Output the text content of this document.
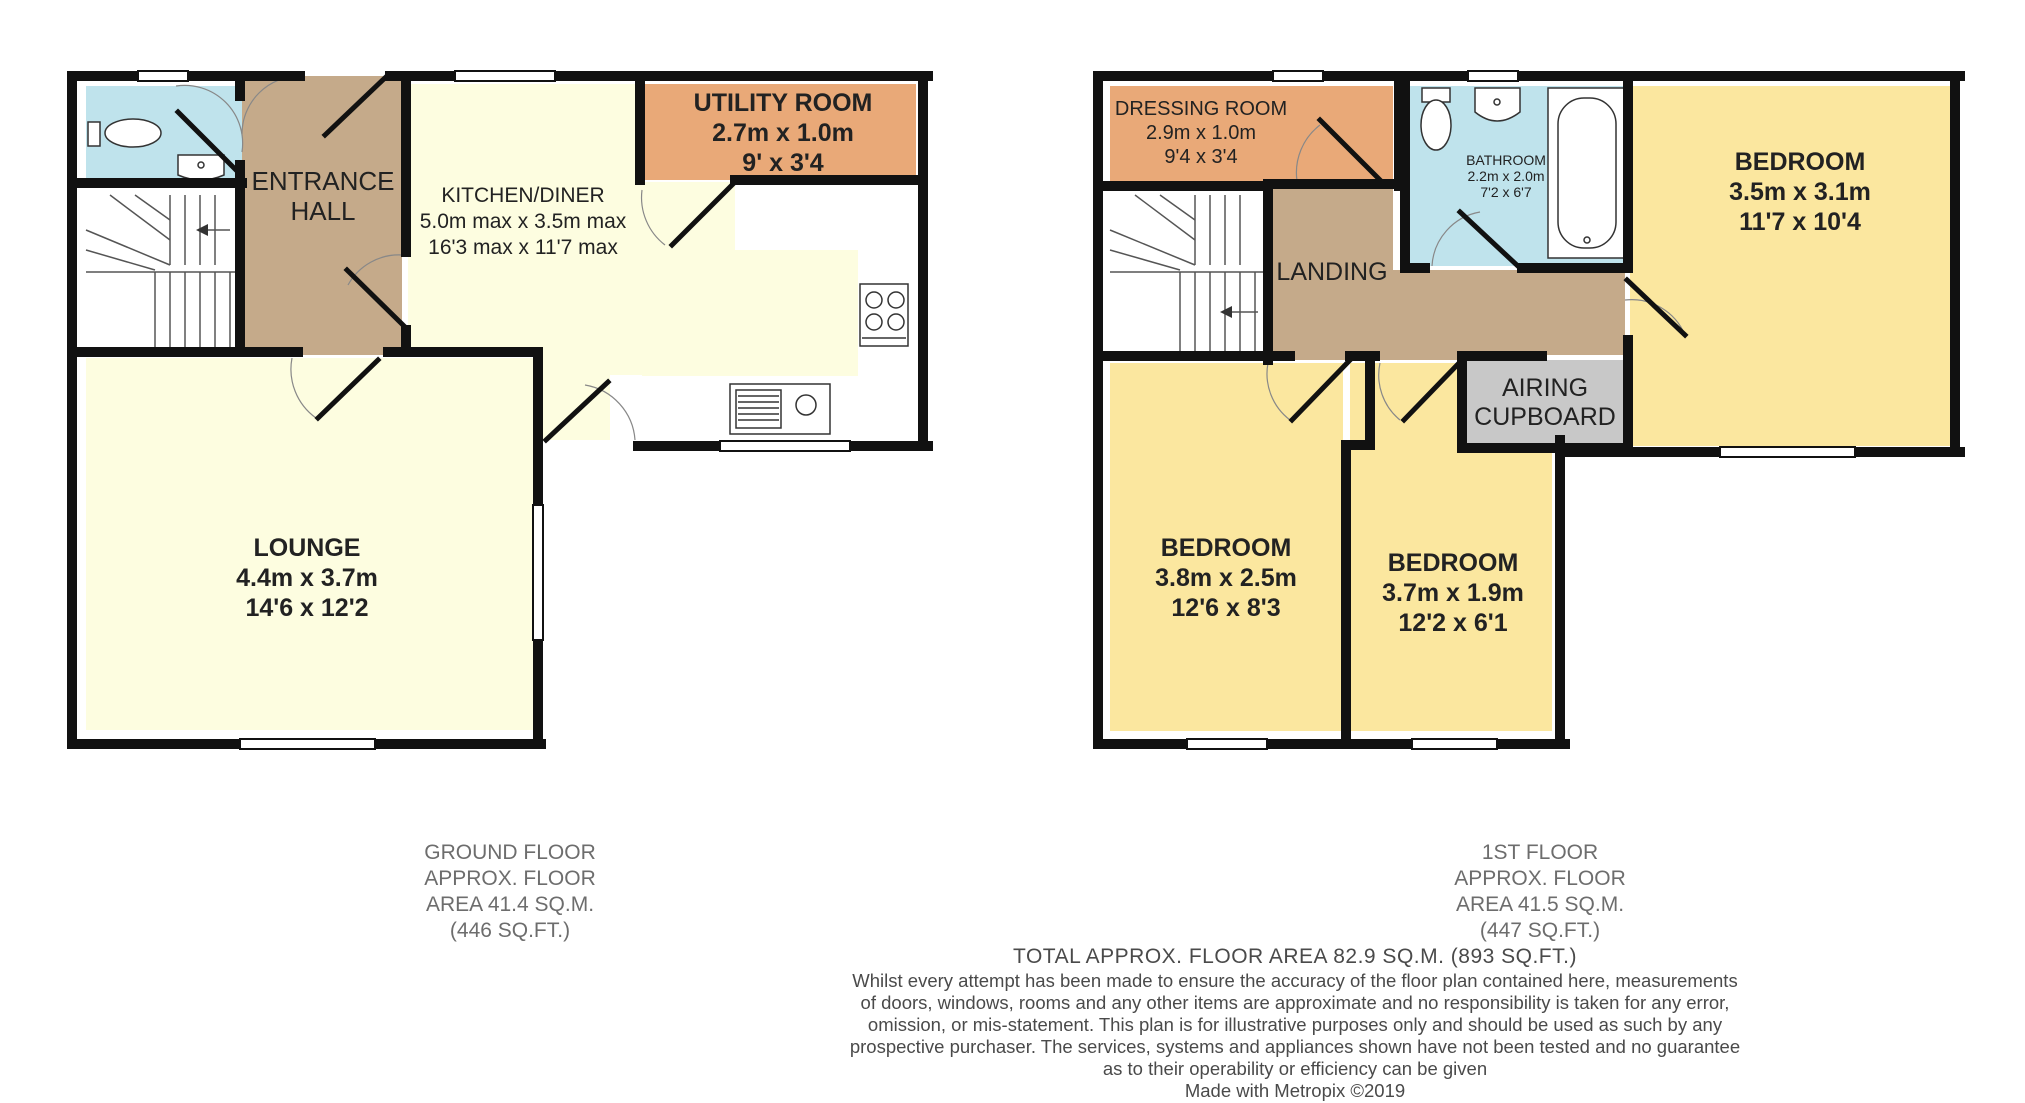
ENTRANCE
HALL
KITCHEN/DINER
5.0m max x 3.5m max
16'3 max x 11'7 max
UTILITY ROOM
2.7m x 1.0m
9' x 3'4
LOUNGE
4.4m x 3.7m
14'6 x 12'2
DRESSING ROOM
2.9m x 1.0m
9'4 x 3'4	BATHROOM
2.2m x 2.0m
7'2 x 6'7
BEDROOM
3.5m x 3.1m
11'7 x 10'4
LANDING
AIRING
CUPBOARD
BEDROOM
3.8m x 2.5m
12'6 x 8'3
BEDROOM
3.7m x 1.9m
12'2 x 6'1
GROUND FLOOR
APPROX. FLOOR
AREA 41.4 SQ.M.
(446 SQ.FT.)
1ST FLOOR
APPROX. FLOOR
AREA 41.5 SQ.M.
(447 SQ.FT.)
TOTAL APPROX. FLOOR AREA 82.9 SQ.M. (893 SQ.FT.)
Whilst every attempt has been made to ensure the accuracy of the floor plan contained here, measurements
of doors, windows, rooms and any other items are approximate and no responsibility is taken for any error,
omission, or mis-statement. This plan is for illustrative purposes only and should be used as such by any
prospective purchaser. The services, systems and appliances shown have not been tested and no guarantee
as to their operability or efficiency can be given
Made with Metropix ©2019
